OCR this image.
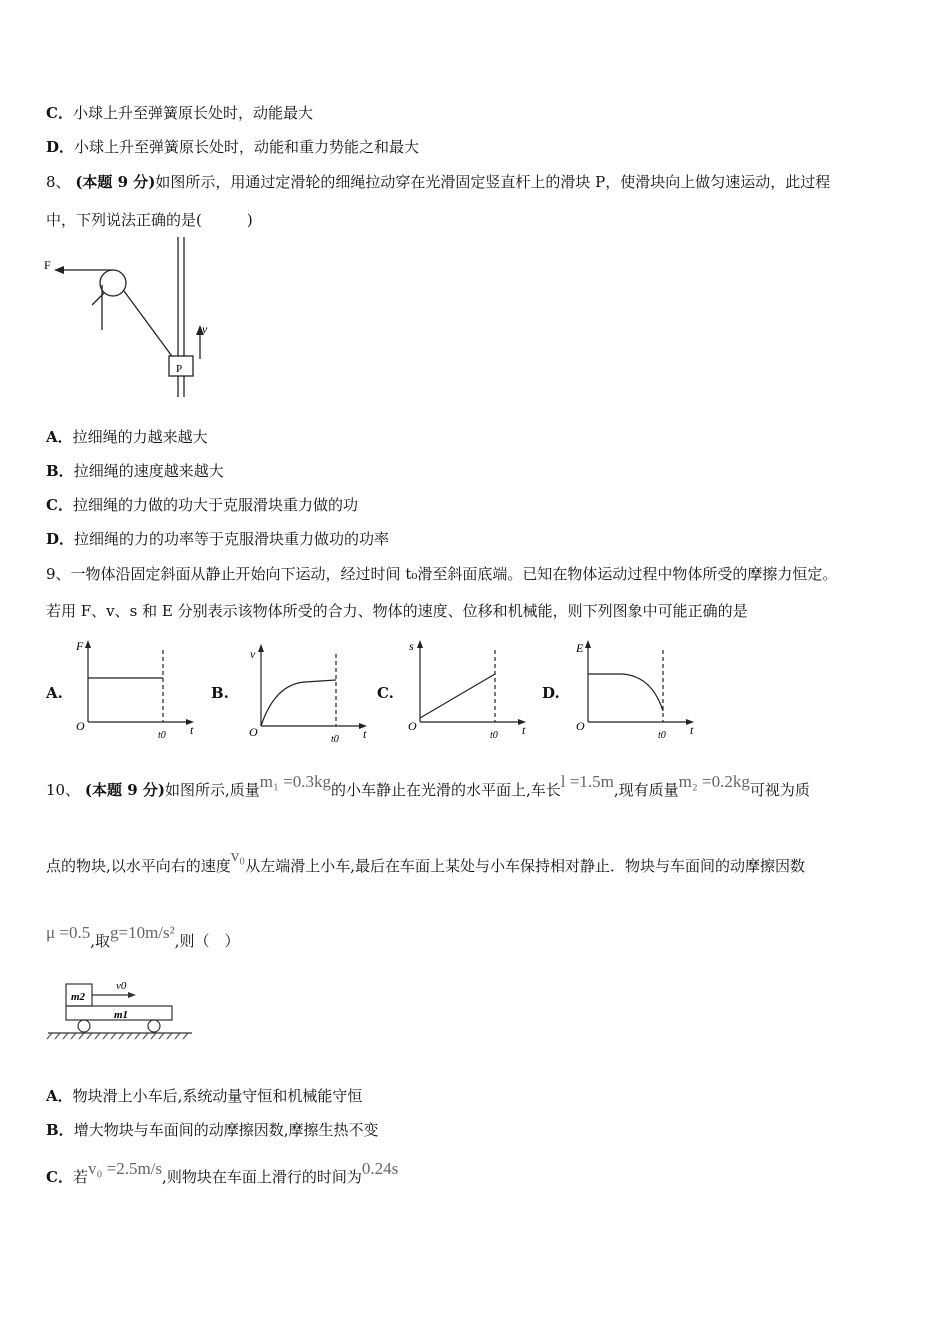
C．小球上升至弹簧原长处时，动能最大
D．小球上升至弹簧原长处时，动能和重力势能之和最大
8、 (本题 9 分)如图所示，用通过定滑轮的细绳拉动穿在光滑固定竖直杆上的滑块 P，使滑块向上做匀速运动，此过程
中，下列说法正确的是(　　　)
F
v
P
A．拉细绳的力越来越大
B．拉细绳的速度越来越大
C．拉细绳的力做的功大于克服滑块重力做的功
D．拉细绳的力的功率等于克服滑块重力做功的功率
9、一物体沿固定斜面从静止开始向下运动，经过时间 t₀滑至斜面底端。已知在物体运动过程中物体所受的摩擦力恒定。
若用 F、v、s 和 E 分别表示该物体所受的合力、物体的速度、位移和机械能，则下列图象中可能正确的是
A.	B.	C.	D.
F
O	t
t0
v
O	t
t0
s
O	t
t0
E
O	t
t0
10、 (本题 9 分)如图所示,质量m₁ =0.3kg的小车静止在光滑的水平面上,车长l =1.5m,现有质量m₂ =0.2kg可视为质
点的物块,以水平向右的速度v₀从左端滑上小车,最后在车面上某处与小车保持相对静止．物块与车面间的动摩擦因数
μ =0.5,取g=10m/s²,则（　）
m2
m1
v0
A．物块滑上小车后,系统动量守恒和机械能守恒
B．增大物块与车面间的动摩擦因数,摩擦生热不变
C．若v₀ =2.5m/s,则物块在车面上滑行的时间为0.24s
